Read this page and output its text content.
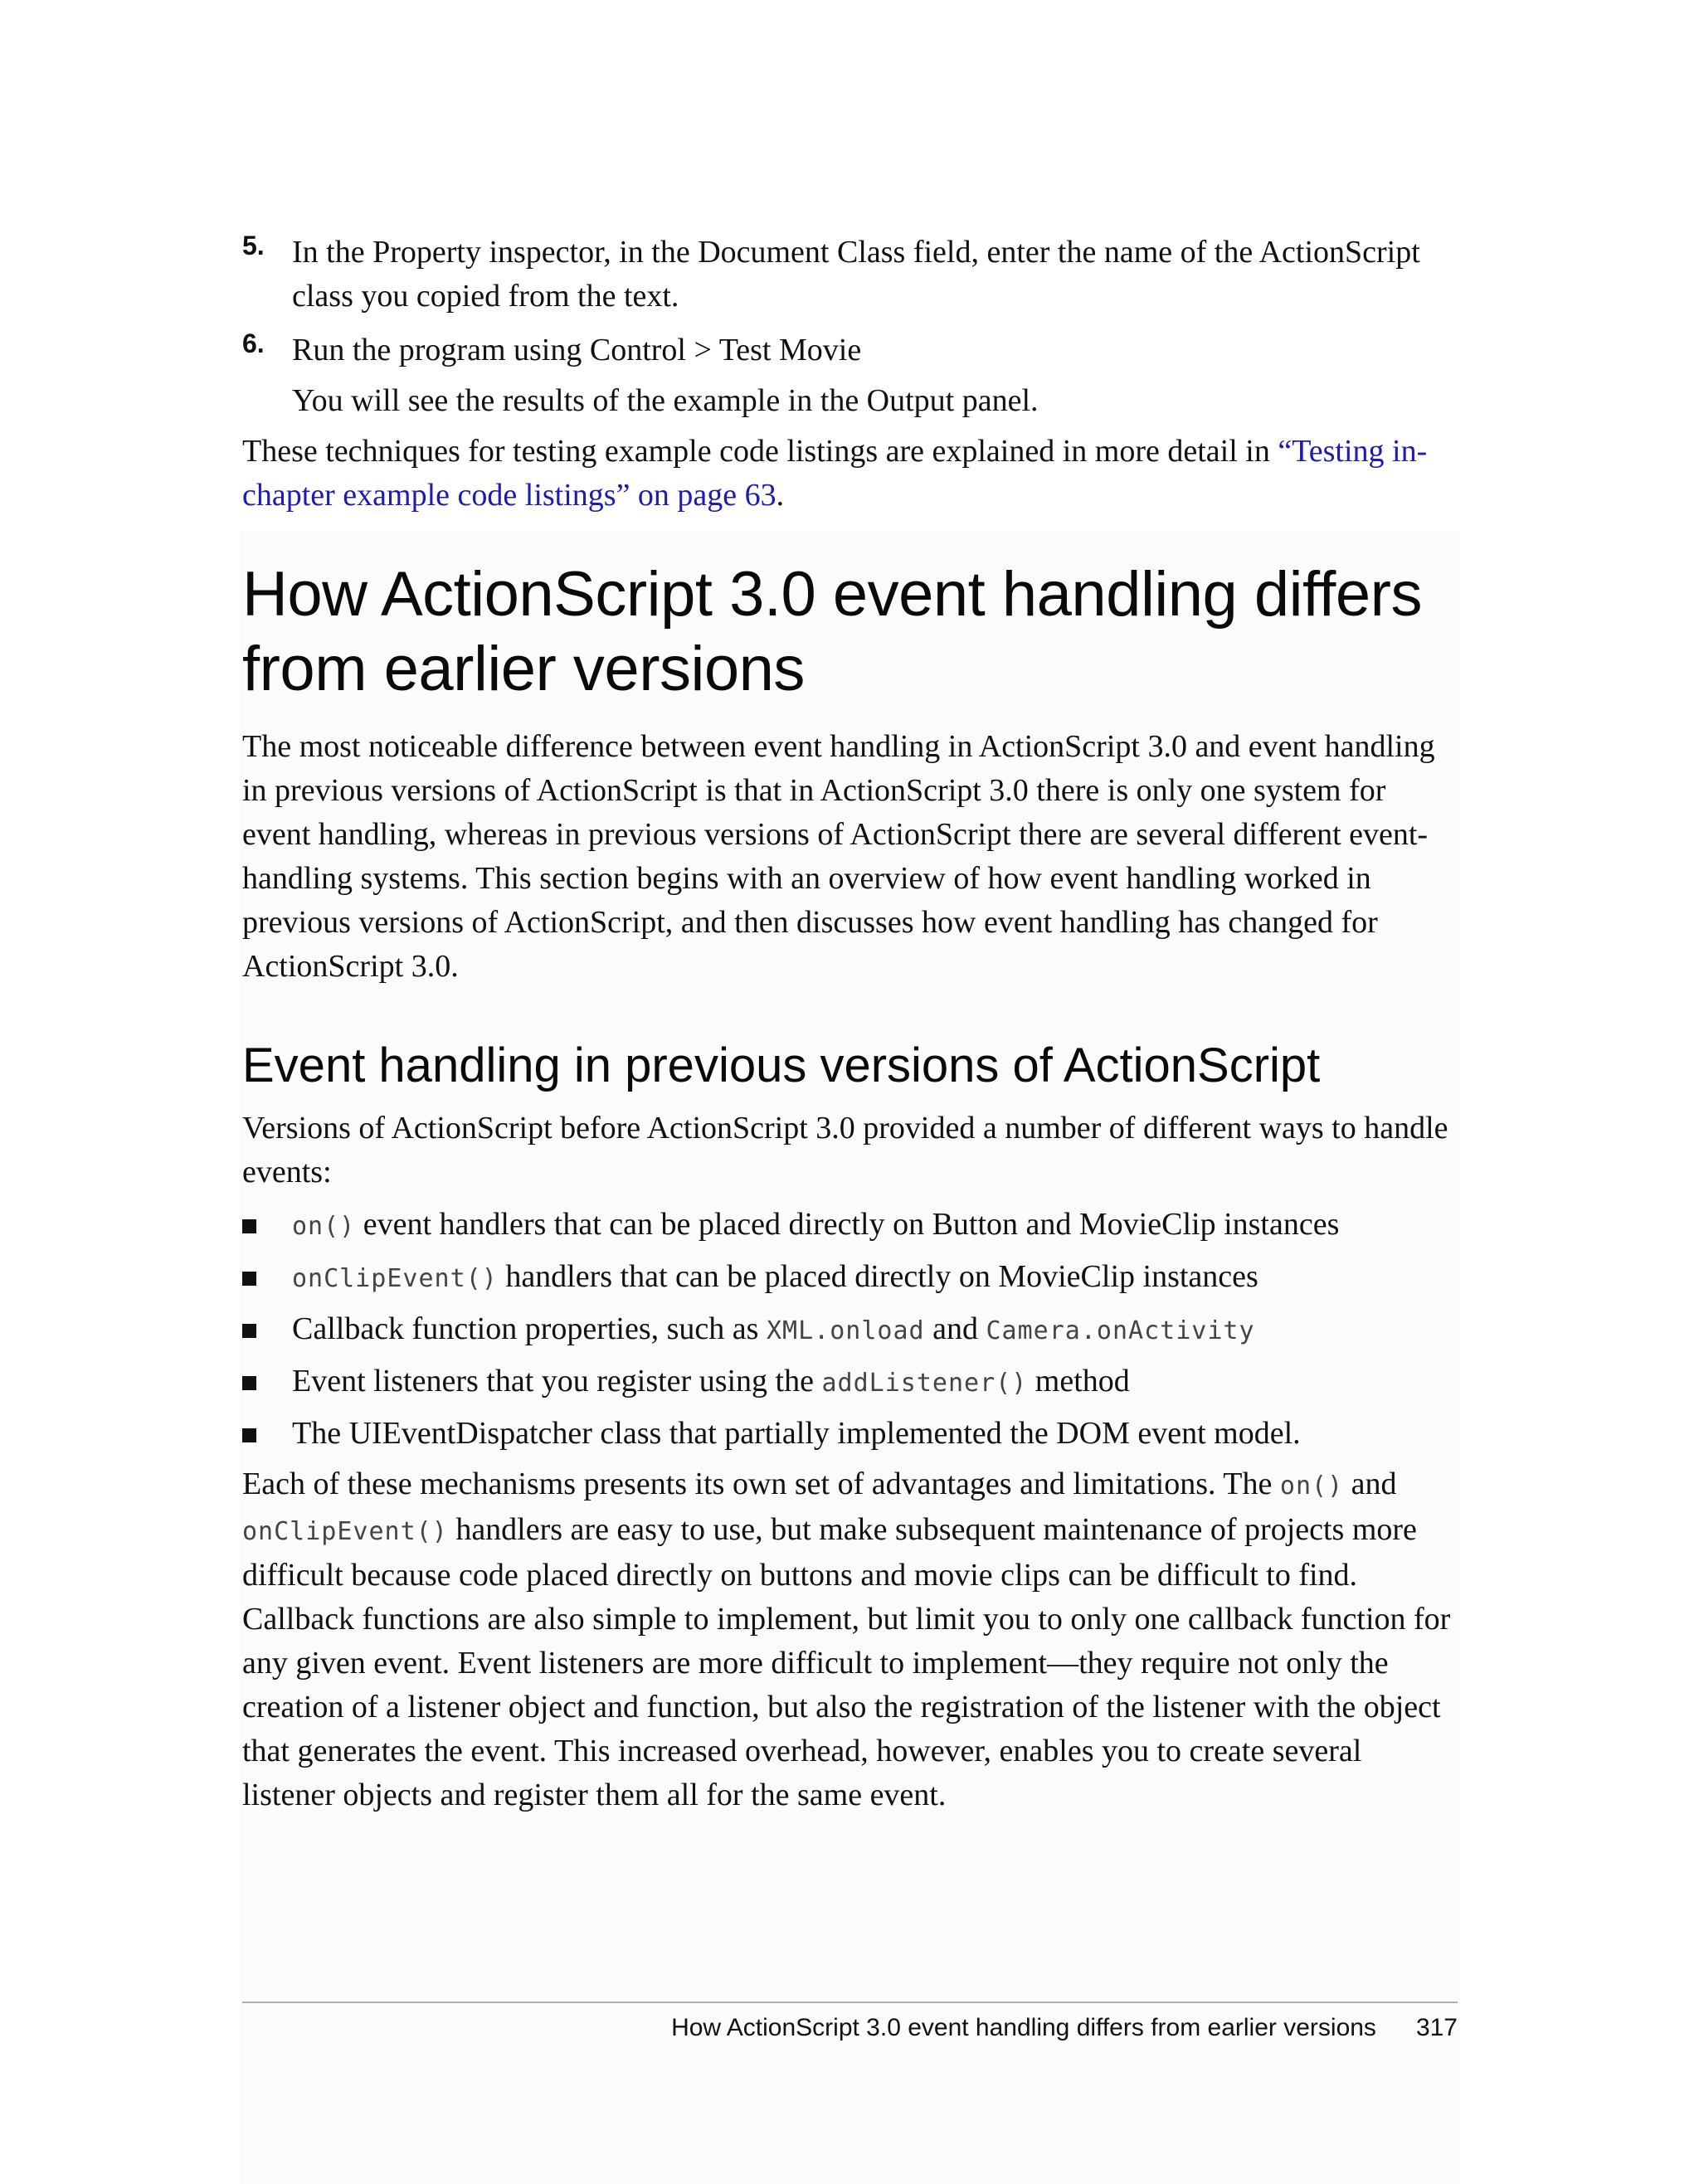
5. In the Property inspector, in the Document Class field, enter the name of the ActionScript class you copied from the text.

6. Run the program using Control > Test Movie

You will see the results of the example in the Output panel.

These techniques for testing example code listings are explained in more detail in “Testing in-chapter example code listings” on page 63.

How ActionScript 3.0 event handling differs from earlier versions

The most noticeable difference between event handling in ActionScript 3.0 and event handling in previous versions of ActionScript is that in ActionScript 3.0 there is only one system for event handling, whereas in previous versions of ActionScript there are several different event-handling systems. This section begins with an overview of how event handling worked in previous versions of ActionScript, and then discusses how event handling has changed for ActionScript 3.0.

Event handling in previous versions of ActionScript

Versions of ActionScript before ActionScript 3.0 provided a number of different ways to handle events:

on() event handlers that can be placed directly on Button and MovieClip instances
onClipEvent() handlers that can be placed directly on MovieClip instances
Callback function properties, such as XML.onload and Camera.onActivity
Event listeners that you register using the addListener() method
The UIEventDispatcher class that partially implemented the DOM event model.

Each of these mechanisms presents its own set of advantages and limitations. The on() and onClipEvent() handlers are easy to use, but make subsequent maintenance of projects more difficult because code placed directly on buttons and movie clips can be difficult to find. Callback functions are also simple to implement, but limit you to only one callback function for any given event. Event listeners are more difficult to implement—they require not only the creation of a listener object and function, but also the registration of the listener with the object that generates the event. This increased overhead, however, enables you to create several listener objects and register them all for the same event.

How ActionScript 3.0 event handling differs from earlier versions 317
